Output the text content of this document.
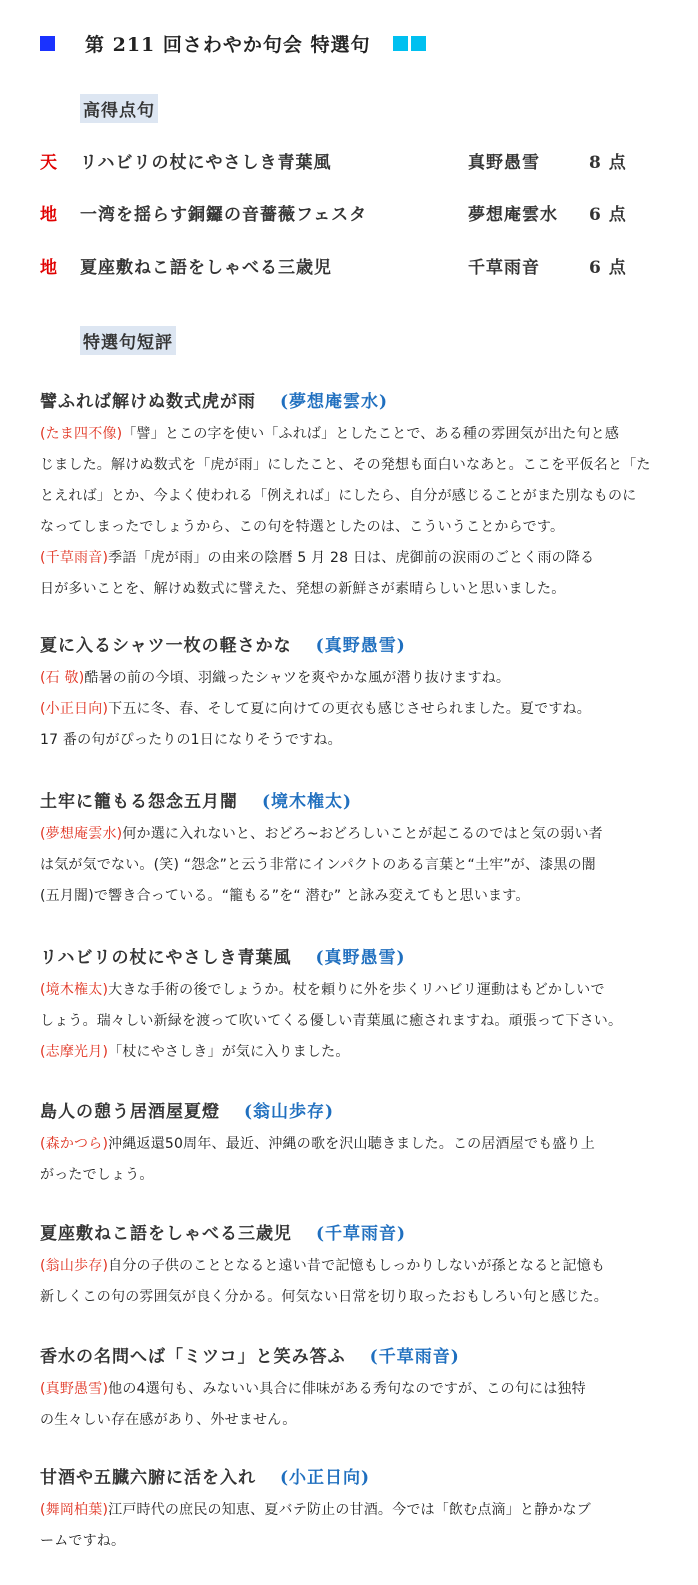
第 211 回さわやか句会 特選句
高得点句
天 リハビリの杖にやさしき青葉風	真野愚雪	8 点
地 一湾を揺らす銅鑼の音薔薇フェスタ	夢想庵雲水 6 点
地 夏座敷ねこ語をしゃべる三歳児	千草雨音	6 点
特選句短評
譬ふれば解けぬ数式虎が雨 (夢想庵雲水)
(たま四不像)「譬」とこの字を使い「ふれば」としたことで、ある種の雰囲気が出た句と感
じました。解けぬ数式を「虎が雨」にしたこと、その発想も面白いなあと。ここを平仮名と「た
とえれば」とか、今よく使われる「例えれば」にしたら、自分が感じることがまた別なものに
なってしまったでしょうから、この句を特選としたのは、こういうことからです。
(千草雨音)季語「虎が雨」の由来の陰暦 5 月 28 日は、虎御前の涙雨のごとく雨の降る
日が多いことを、解けぬ数式に譬えた、発想の新鮮さが素晴らしいと思いました。
夏に入るシャツ一枚の軽さかな (真野愚雪)
(石 敬)酷暑の前の今頃、羽織ったシャツを爽やかな風が潜り抜けますね。
(小正日向)下五に冬、春、そして夏に向けての更衣も感じさせられました。夏ですね。
17 番の句がぴったりの1日になりそうですね。
土牢に籠もる怨念五月闇 (境木権太)
(夢想庵雲水)何か選に入れないと、おどろ~おどろしいことが起こるのではと気の弱い者
は気が気でない。(笑) “怨念”と云う非常にインパクトのある言葉と“土牢”が、漆黒の闇
(五月闇)で響き合っている。“籠もる”を“ 潜む” と詠み変えてもと思います。
リハビリの杖にやさしき青葉風 (真野愚雪)
(境木権太)大きな手術の後でしょうか。杖を頼りに外を歩くリハビリ運動はもどかしいで
しょう。瑞々しい新緑を渡って吹いてくる優しい青葉風に癒されますね。頑張って下さい。
(志摩光月)「杖にやさしき」が気に入りました。
島人の憩う居酒屋夏燈 (翁山歩存)
(森かつら)沖縄返還50周年、最近、沖縄の歌を沢山聴きました。この居酒屋でも盛り上
がったでしょう。
夏座敷ねこ語をしゃべる三歳児 (千草雨音)
(翁山歩存)自分の子供のこととなると遠い昔で記憶もしっかりしないが孫となると記憶も
新しくこの句の雰囲気が良く分かる。何気ない日常を切り取ったおもしろい句と感じた。
香水の名問へば「ミツコ」と笑み答ふ (千草雨音)
(真野愚雪)他の4選句も、みないい具合に俳味がある秀句なのですが、この句には独特
の生々しい存在感があり、外せません。
甘酒や五臓六腑に活を入れ (小正日向)
(舞岡柏葉)江戸時代の庶民の知恵、夏バテ防止の甘酒。今では「飲む点滴」と静かなブ
ームですね。
